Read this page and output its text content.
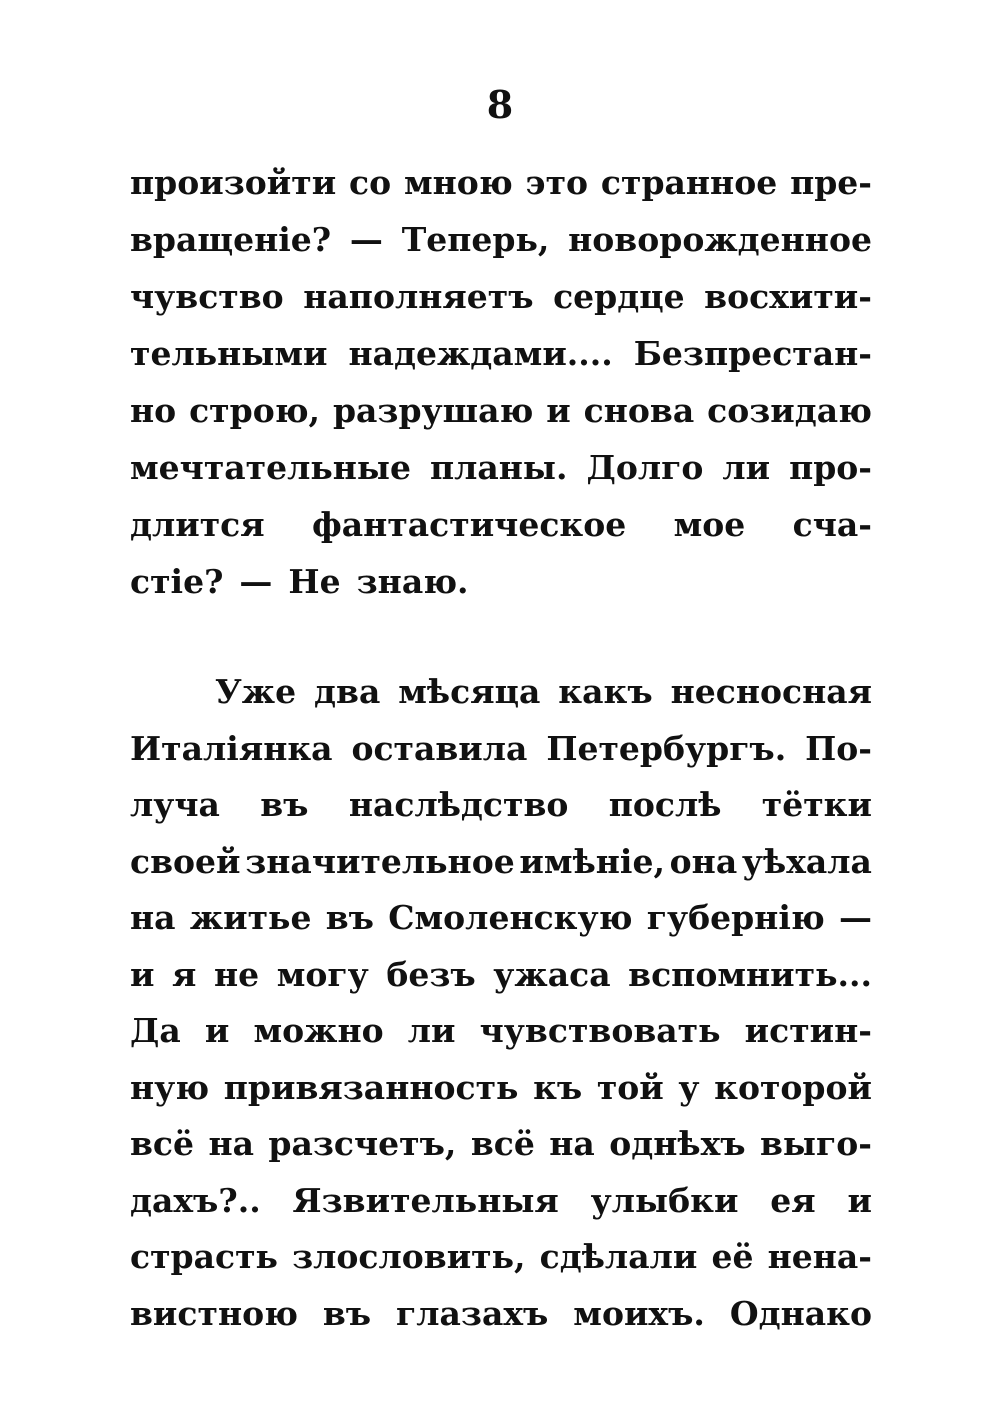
8
произойти со мною это странное пре-
вращеніе? — Теперь, новорожденное
чувство наполняетъ сердце восхити-
тельными надеждами.... Безпрестан-
но строю, разрушаю и снова созидаю
мечтательные планы. Долго ли про-
длится фантастическое мое сча-
стіе? — Не знаю.
Уже два мѣсяца какъ несносная
Италіянка оставила Петербургъ. По-
луча въ наслѣдство послѣ тётки
своей значительное имѣніе, она уѣхала
на житье въ Смоленскую губернію —
и я не могу безъ ужаса вспомнить...
Да и можно ли чувствовать истин-
ную привязанность къ той у которой
всё на разсчетъ, всё на однѣхъ выго-
дахъ?.. Язвительныя улыбки ея и
страсть злословить, сдѣлали её нена-
вистною въ глазахъ моихъ. Однако
